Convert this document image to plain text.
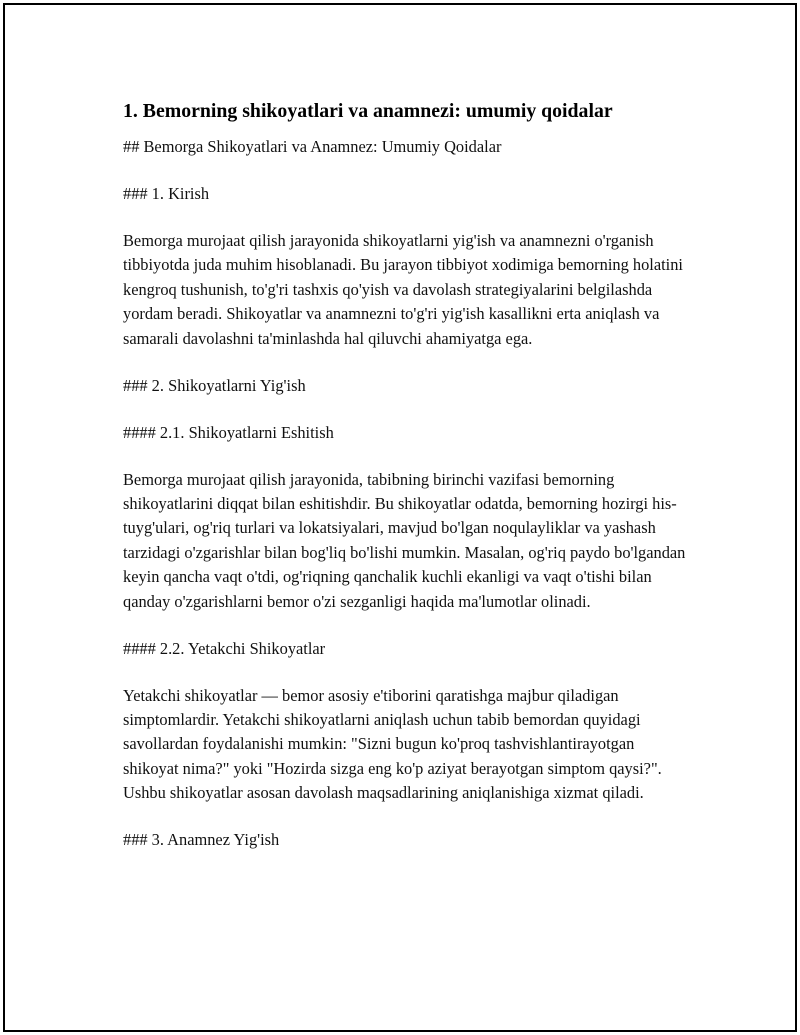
1. Bemorning shikoyatlari va anamnezi: umumiy qoidalar

## Bemorga Shikoyatlari va Anamnez: Umumiy Qoidalar

### 1. Kirish

Bemorga murojaat qilish jarayonida shikoyatlarni yig'ish va anamnezni o'rganish tibbiyotda juda muhim hisoblanadi. Bu jarayon tibbiyot xodimiga bemorning holatini kengroq tushunish, to'g'ri tashxis qo'yish va davolash strategiyalarini belgilashda yordam beradi. Shikoyatlar va anamnezni to'g'ri yig'ish kasallikni erta aniqlash va samarali davolashni ta'minlashda hal qiluvchi ahamiyatga ega.

### 2. Shikoyatlarni Yig'ish

#### 2.1. Shikoyatlarni Eshitish

Bemorga murojaat qilish jarayonida, tabibning birinchi vazifasi bemorning shikoyatlarini diqqat bilan eshitishdir. Bu shikoyatlar odatda, bemorning hozirgi his-tuyg'ulari, og'riq turlari va lokatsiyalari, mavjud bo'lgan noqulayliklar va yashash tarzidagi o'zgarishlar bilan bog'liq bo'lishi mumkin. Masalan, og'riq paydo bo'lgandan keyin qancha vaqt o'tdi, og'riqning qanchalik kuchli ekanligi va vaqt o'tishi bilan qanday o'zgarishlarni bemor o'zi sezganligi haqida ma'lumotlar olinadi.

#### 2.2. Yetakchi Shikoyatlar

Yetakchi shikoyatlar — bemor asosiy e'tiborini qaratishga majbur qiladigan simptomlardir. Yetakchi shikoyatlarni aniqlash uchun tabib bemordan quyidagi savollardan foydalanishi mumkin: "Sizni bugun ko'proq tashvishlantirayotgan shikoyat nima?" yoki "Hozirda sizga eng ko'p aziyat berayotgan simptom qaysi?". Ushbu shikoyatlar asosan davolash maqsadlarining aniqlanishiga xizmat qiladi.

### 3. Anamnez Yig'ish
